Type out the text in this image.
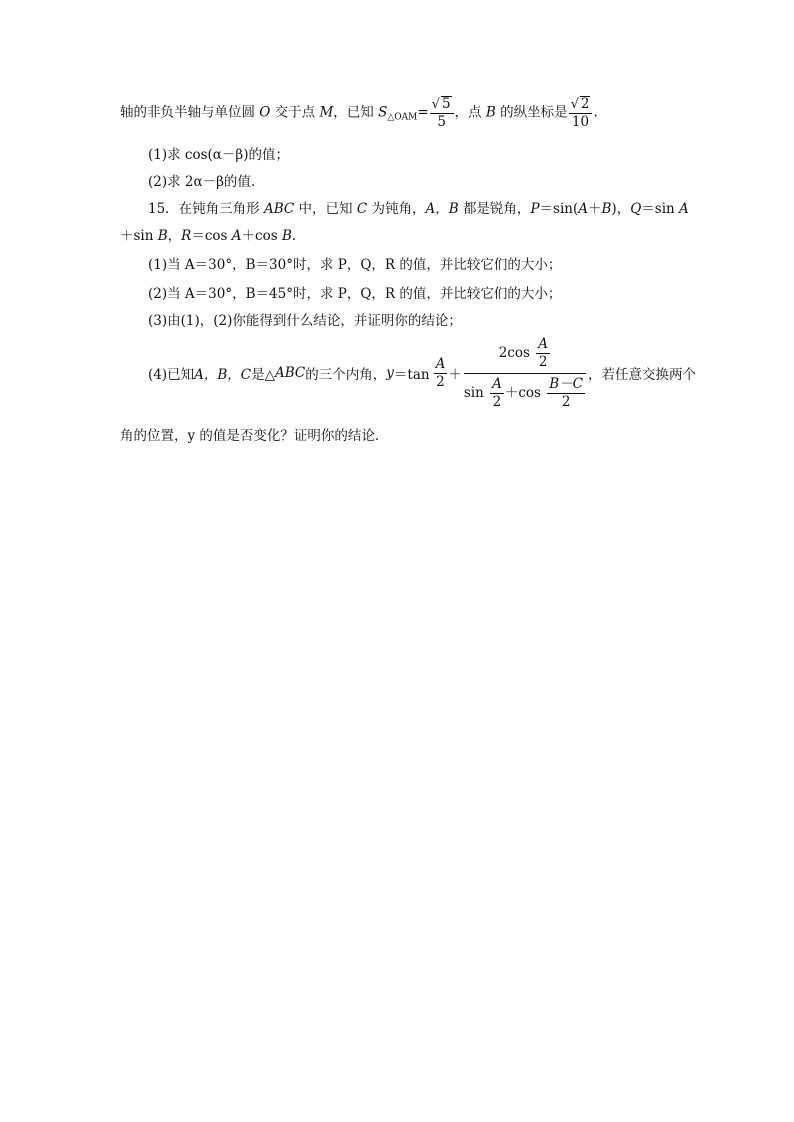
轴的非负半轴与单位圆 O 交于点 M，已知 $S_{\triangle OAM}= \frac{√ 5}{5}$ ，点 B 的纵坐标是 $\frac{√ 2}{10}$ .
(1)求 cos(α－β)的值；
(2)求 2α－β的值.
15．在钝角三角形 ABC 中，已知 C 为钝角，A，B 都是锐角，P＝sin(A＋B)，Q＝sin A
＋sin B，R＝cos A＋cos B.
(1)当 A＝30°，B＝30°时，求 P，Q，R 的值，并比较它们的大小；
(2)当 A＝30°，B＝45°时，求 P，Q，R 的值，并比较它们的大小；
(3)由(1)，(2)你能得到什么结论，并证明你的结论；
(4)已知 A，B，C 是△ ABC 的三个内角， $y =\tan \frac{A}{2}$ ＋
$2\cos \frac{A}{2}$
$\sin \frac{A}{2} +\cos \frac{B-C}{2}$
，若任意交换两个
角的位置，y 的值是否变化？证明你的结论.
